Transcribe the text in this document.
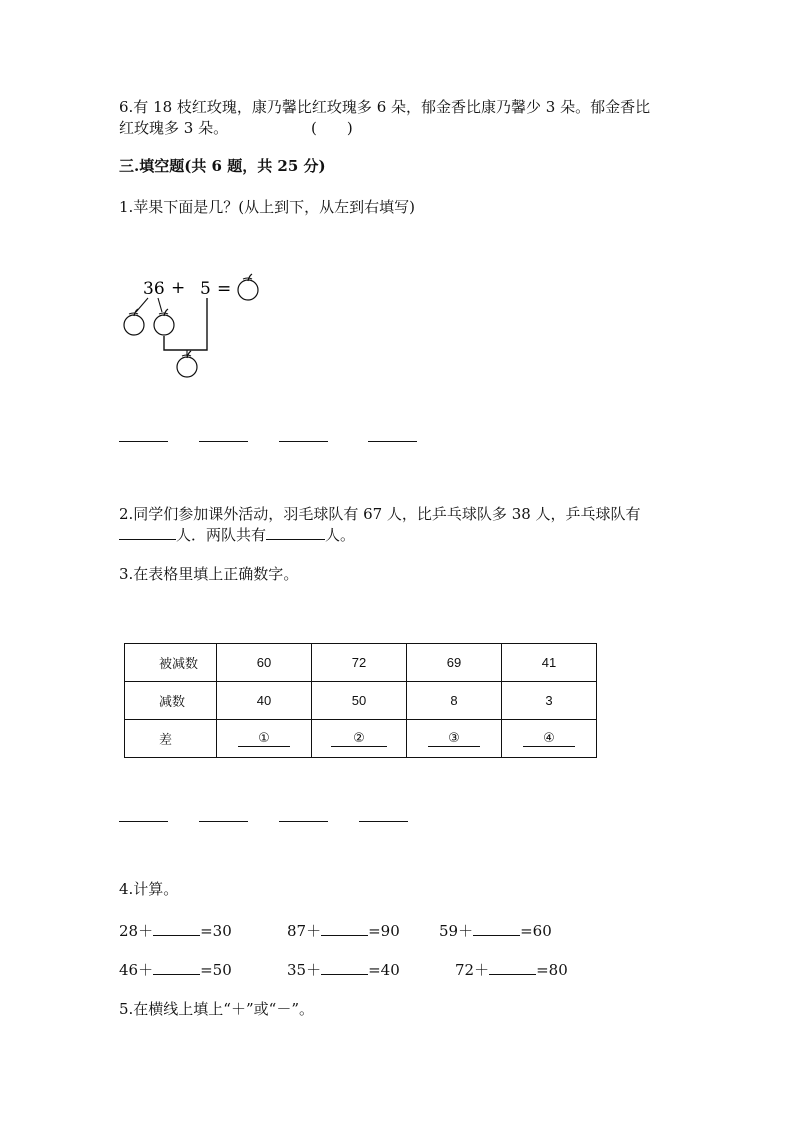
6.有 18 枝红玫瑰，康乃馨比红玫瑰多 6 朵，郁金香比康乃馨少 3 朵。郁金香比
红玫瑰多 3 朵。	(　　)
三.填空题(共 6 题，共 25 分)
1.苹果下面是几？(从上到下，从左到右填写)
36 + 5 =
2.同学们参加课外活动，羽毛球队有 67 人，比乒乓球队多 38 人，乒乓球队有
人．两队共有	人。
3.在表格里填上正确数字。
被减数	60	72	69	41
减数	40	50	8	3
差	①	②	③	④
4.计算。
28＋	=30	87＋	=90	59＋	=60
46＋	=50	35＋	=40	72＋	=80
5.在横线上填上“＋”或“－”。
